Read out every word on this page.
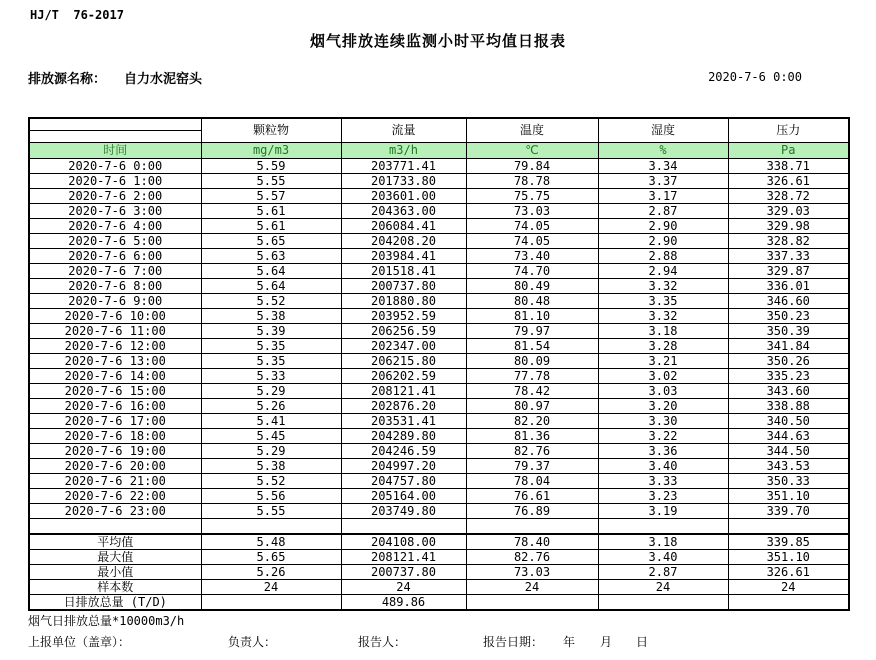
HJ/T  76-2017
烟气排放连续监测小时平均值日报表
排放源名称： 自力水泥窑头	2020-7-6 0:00
	颗粒物	流量	温度	湿度	压力

时间	mg/m3	m3/h	℃	%	Pa
2020-7-6 0:00	5.59	203771.41	79.84	3.34	338.71
2020-7-6 1:00	5.55	201733.80	78.78	3.37	326.61
2020-7-6 2:00	5.57	203601.00	75.75	3.17	328.72
2020-7-6 3:00	5.61	204363.00	73.03	2.87	329.03
2020-7-6 4:00	5.61	206084.41	74.05	2.90	329.98
2020-7-6 5:00	5.65	204208.20	74.05	2.90	328.82
2020-7-6 6:00	5.63	203984.41	73.40	2.88	337.33
2020-7-6 7:00	5.64	201518.41	74.70	2.94	329.87
2020-7-6 8:00	5.64	200737.80	80.49	3.32	336.01
2020-7-6 9:00	5.52	201880.80	80.48	3.35	346.60
2020-7-6 10:00	5.38	203952.59	81.10	3.32	350.23
2020-7-6 11:00	5.39	206256.59	79.97	3.18	350.39
2020-7-6 12:00	5.35	202347.00	81.54	3.28	341.84
2020-7-6 13:00	5.35	206215.80	80.09	3.21	350.26
2020-7-6 14:00	5.33	206202.59	77.78	3.02	335.23
2020-7-6 15:00	5.29	208121.41	78.42	3.03	343.60
2020-7-6 16:00	5.26	202876.20	80.97	3.20	338.88
2020-7-6 17:00	5.41	203531.41	82.20	3.30	340.50
2020-7-6 18:00	5.45	204289.80	81.36	3.22	344.63
2020-7-6 19:00	5.29	204246.59	82.76	3.36	344.50
2020-7-6 20:00	5.38	204997.20	79.37	3.40	343.53
2020-7-6 21:00	5.52	204757.80	78.04	3.33	350.33
2020-7-6 22:00	5.56	205164.00	76.61	3.23	351.10
2020-7-6 23:00	5.55	203749.80	76.89	3.19	339.70

平均值	5.48	204108.00	78.40	3.18	339.85
最大值	5.65	208121.41	82.76	3.40	351.10
最小值	5.26	200737.80	73.03	2.87	326.61
样本数	24	24	24	24	24
日排放总量 (T/D)		489.86			
烟气日排放总量*10000m3/h
上报单位（盖章）：	负责人：	报告人：	报告日期： 年 月 日
